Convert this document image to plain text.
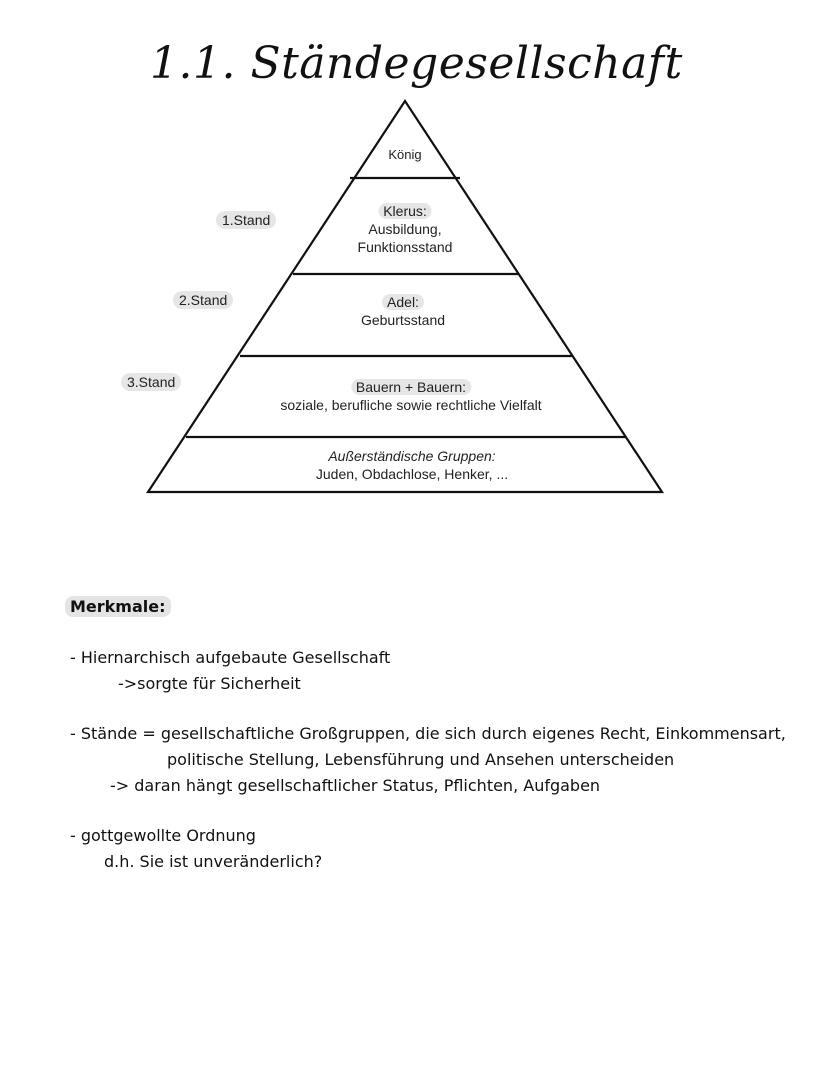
1.1. Ständegesellschaft
1.Stand
2.Stand
3.Stand
König
Klerus:
Ausbildung,
Funktionsstand
Adel:
Geburtsstand
Bauern + Bauern:
soziale, berufliche sowie rechtliche Vielfalt
Außerständische Gruppen:
Juden, Obdachlose, Henker, ...
Merkmale:
- Hiernarchisch aufgebaute Gesellschaft
->sorgte für Sicherheit
- Stände = gesellschaftliche Großgruppen, die sich durch eigenes Recht, Einkommensart,
politische Stellung, Lebensführung und Ansehen unterscheiden
-> daran hängt gesellschaftlicher Status, Pflichten, Aufgaben
- gottgewollte Ordnung
d.h. Sie ist unveränderlich?
